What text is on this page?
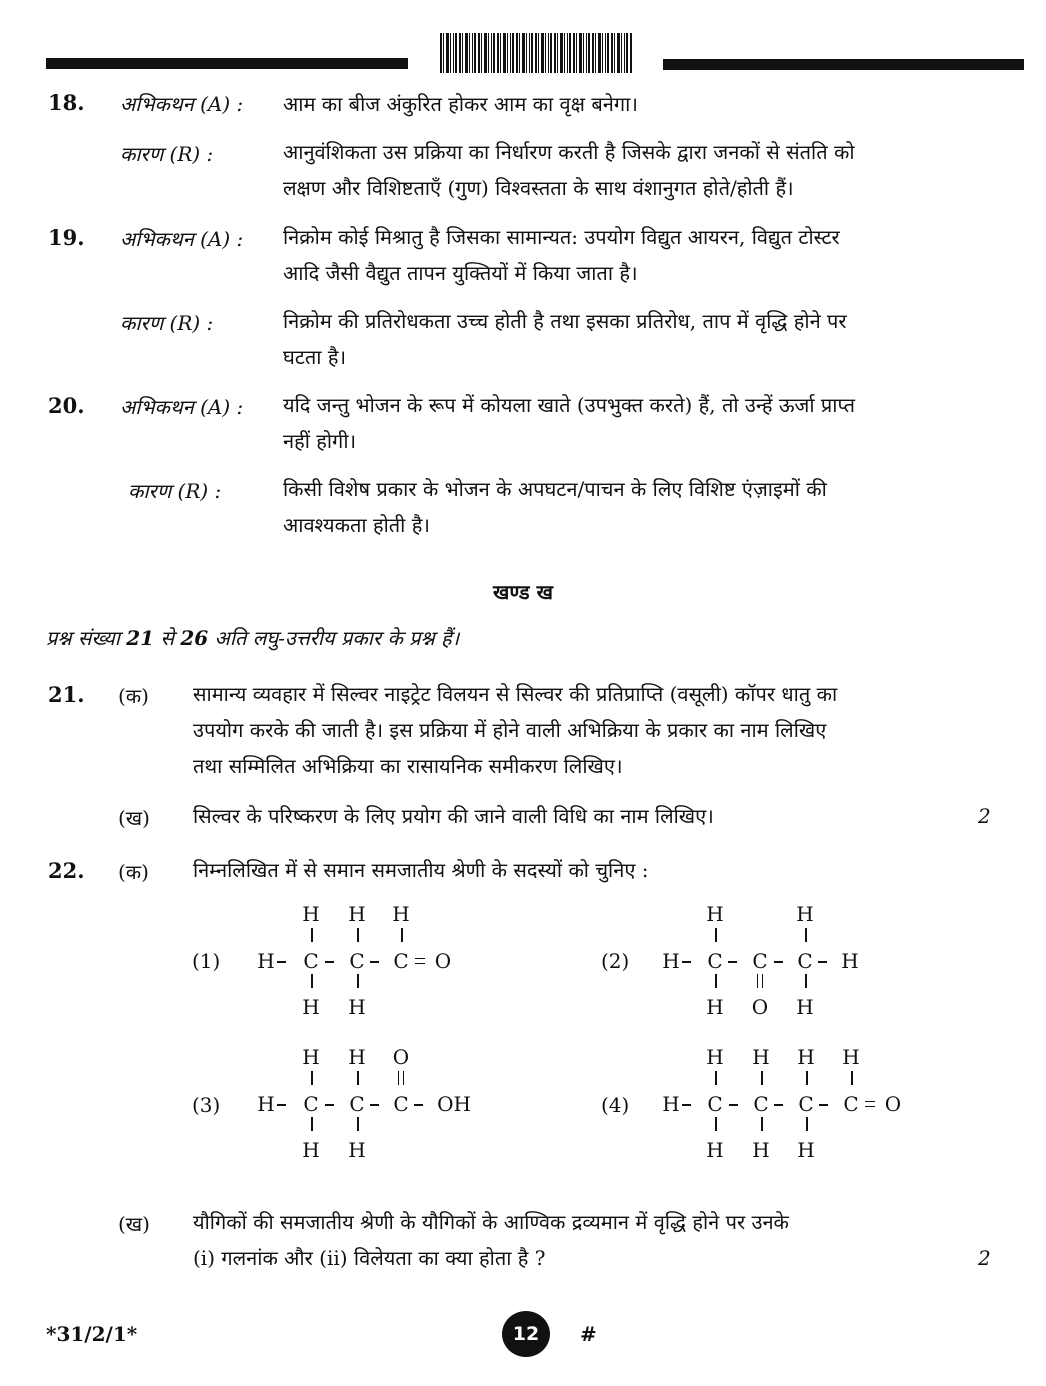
18. अभिकथन (A) : आम का बीज अंकुरित होकर आम का वृक्ष बनेगा।
कारण (R) :	आनुवंशिकता उस प्रक्रिया का निर्धारण करती है जिसके द्वारा जनकों से संतति को
लक्षण और विशिष्टताएँ (गुण) विश्वस्तता के साथ वंशानुगत होते/होती हैं।
19. अभिकथन (A) : निक्रोम कोई मिश्रातु है जिसका सामान्यत: उपयोग विद्युत आयरन, विद्युत टोस्टर
आदि जैसी वैद्युत तापन युक्तियों में किया जाता है।
कारण (R) :	निक्रोम की प्रतिरोधकता उच्च होती है तथा इसका प्रतिरोध, ताप में वृद्धि होने पर
घटता है।
20. अभिकथन (A) : यदि जन्तु भोजन के रूप में कोयला खाते (उपभुक्त करते) हैं, तो उन्हें ऊर्जा प्राप्त
नहीं होगी।
कारण (R) :	किसी विशेष प्रकार के भोजन के अपघटन/पाचन के लिए विशिष्ट एंज़ाइमों की
आवश्यकता होती है।
खण्ड ख
प्रश्न संख्या 21 से 26 अति लघु-उत्तरीय प्रकार के प्रश्न हैं।
21. (क) सामान्य व्यवहार में सिल्वर नाइट्रेट विलयन से सिल्वर की प्रतिप्राप्ति (वसूली) कॉपर धातु का
उपयोग करके की जाती है। इस प्रक्रिया में होने वाली अभिक्रिया के प्रकार का नाम लिखिए
तथा सम्मिलित अभिक्रिया का रासायनिक समीकरण लिखिए।
(ख) सिल्वर के परिष्करण के लिए प्रयोग की जाने वाली विधि का नाम लिखिए।	2
22. (क) निम्नलिखित में से समान समजातीय श्रेणी के सदस्यों को चुनिए :
(1)
H H H
H C C C O
H H
(2)
H	H
H C C C H
H O H
(3)
H H O
H C C C OH
H H
(4)
H H H H
H C C C C O
H H H
(ख) यौगिकों की समजातीय श्रेणी के यौगिकों के आण्विक द्रव्यमान में वृद्धि होने पर उनके
(i) गलनांक और (ii) विलेयता का क्या होता है ?	2
*31/2/1*	12	#
